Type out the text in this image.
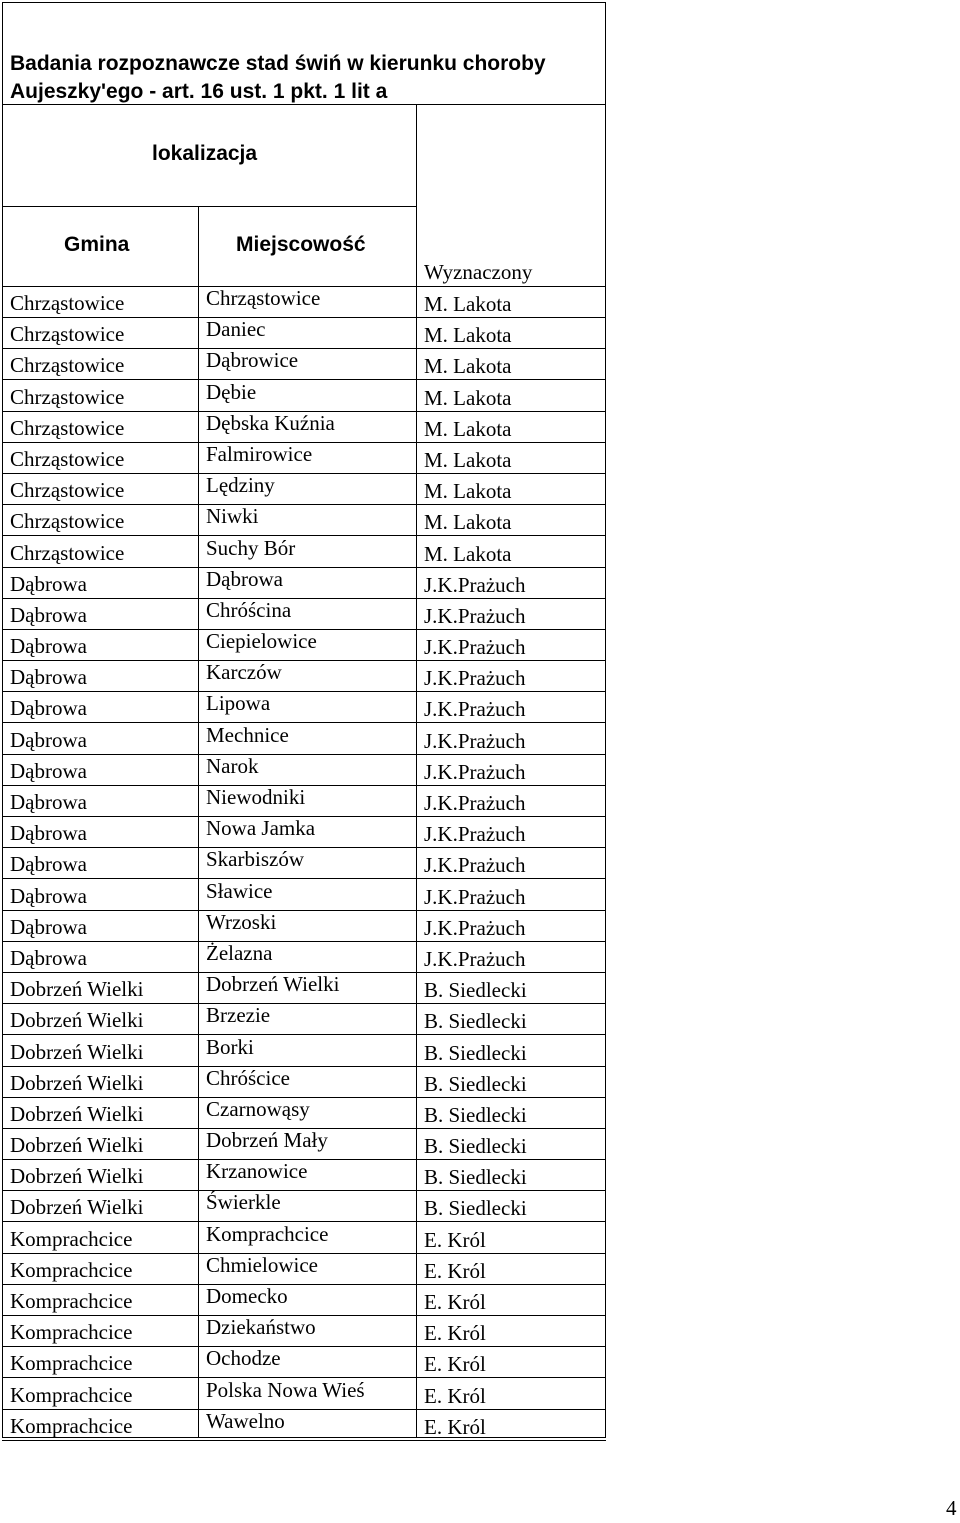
Badania rozpoznawcze stad świń w kierunku choroby Aujeszky'ego - art. 16 ust. 1 pkt. 1 lit a
lokalizacja
Gmina	Miejscowość
Wyznaczony
Chrząstowice	Chrząstowice	M. Lakota
Chrząstowice	Daniec	M. Lakota
Chrząstowice	Dąbrowice	M. Lakota
Chrząstowice	Dębie	M. Lakota
Chrząstowice	Dębska Kuźnia	M. Lakota
Chrząstowice	Falmirowice	M. Lakota
Chrząstowice	Lędziny	M. Lakota
Chrząstowice	Niwki	M. Lakota
Chrząstowice	Suchy Bór	M. Lakota
Dąbrowa	Dąbrowa	J.K.Prażuch
Dąbrowa	Chróścina	J.K.Prażuch
Dąbrowa	Ciepielowice	J.K.Prażuch
Dąbrowa	Karczów	J.K.Prażuch
Dąbrowa	Lipowa	J.K.Prażuch
Dąbrowa	Mechnice	J.K.Prażuch
Dąbrowa	Narok	J.K.Prażuch
Dąbrowa	Niewodniki	J.K.Prażuch
Dąbrowa	Nowa Jamka	J.K.Prażuch
Dąbrowa	Skarbiszów	J.K.Prażuch
Dąbrowa	Sławice	J.K.Prażuch
Dąbrowa	Wrzoski	J.K.Prażuch
Dąbrowa	Żelazna	J.K.Prażuch
Dobrzeń Wielki	Dobrzeń Wielki	B. Siedlecki
Dobrzeń Wielki	Brzezie	B. Siedlecki
Dobrzeń Wielki	Borki	B. Siedlecki
Dobrzeń Wielki	Chróścice	B. Siedlecki
Dobrzeń Wielki	Czarnowąsy	B. Siedlecki
Dobrzeń Wielki	Dobrzeń Mały	B. Siedlecki
Dobrzeń Wielki	Krzanowice	B. Siedlecki
Dobrzeń Wielki	Świerkle	B. Siedlecki
Komprachcice	Komprachcice	E. Król
Komprachcice	Chmielowice	E. Król
Komprachcice	Domecko	E. Król
Komprachcice	Dziekaństwo	E. Król
Komprachcice	Ochodze	E. Król
Komprachcice	Polska Nowa Wieś	E. Król
Komprachcice	Wawelno	E. Król
4
